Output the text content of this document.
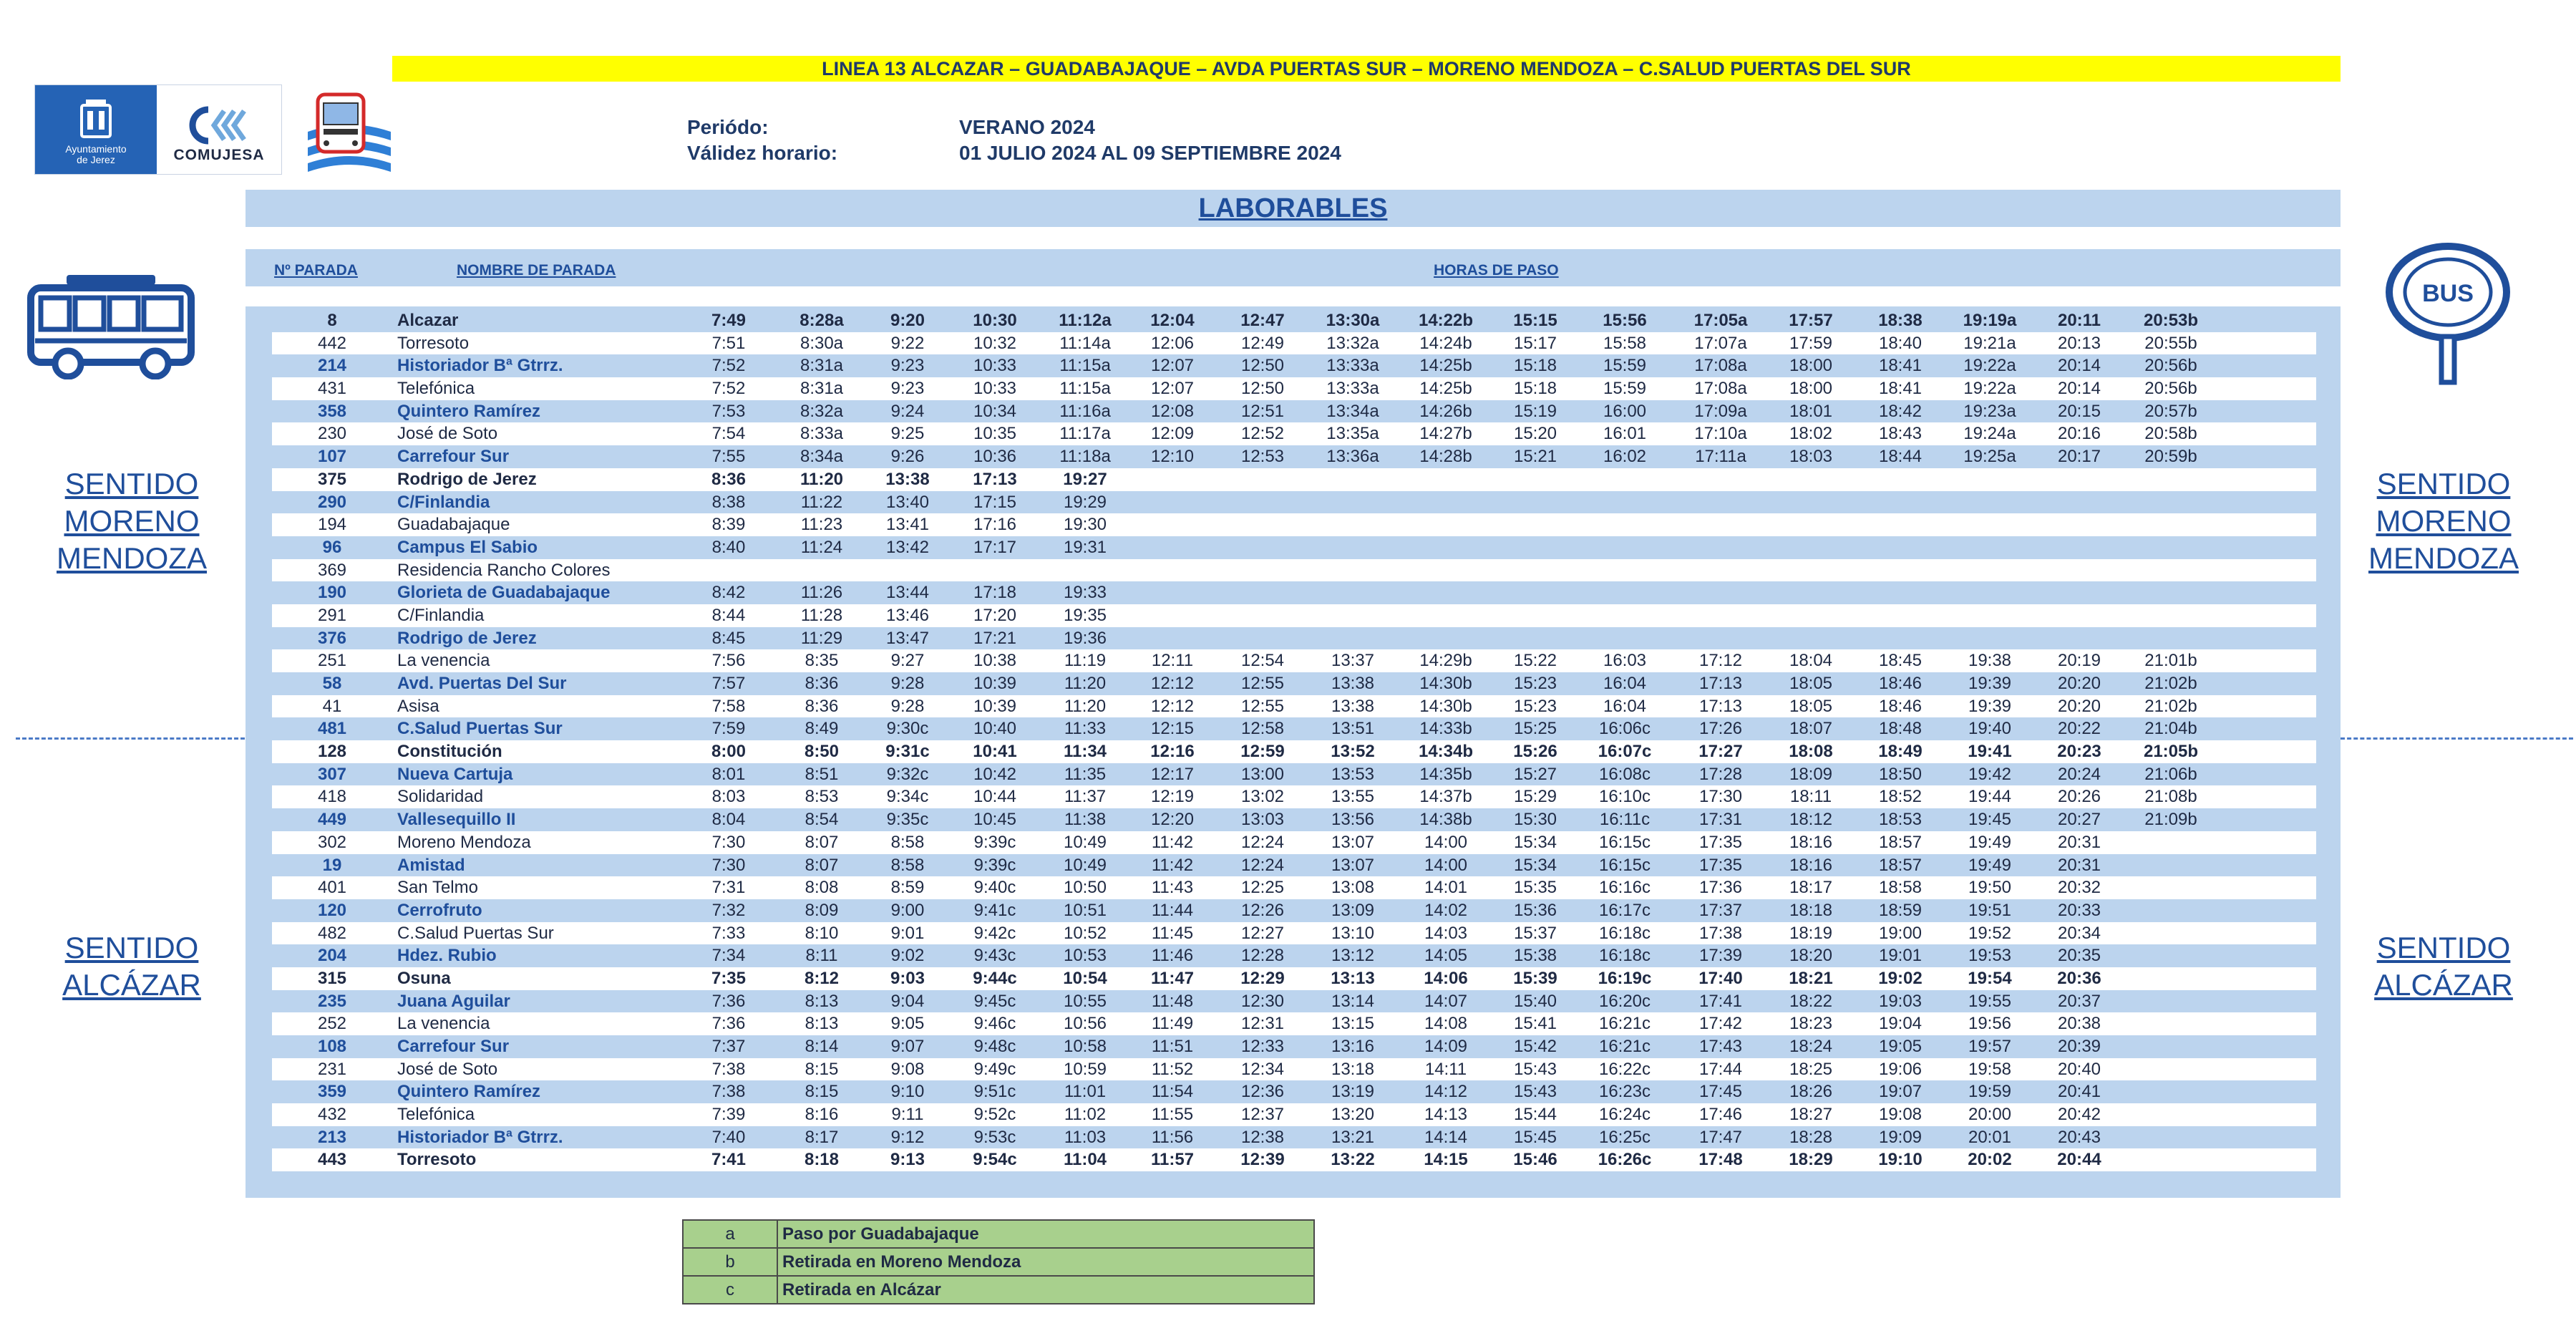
LINEA 13 ALCAZAR – GUADABAJAQUE – AVDA PUERTAS SUR – MORENO MENDOZA – C.SALUD PUERTAS DEL SUR
Ayuntamiento
de Jerez	COMUJESA
Periódo:	VERANO 2024
Válidez horario:	01 JULIO 2024 AL 09 SEPTIEMBRE 2024
LABORABLES
Nº PARADA	NOMBRE DE PARADA	HORAS DE PASO
BUS
SENTIDO
MORENO
MENDOZA
SENTIDO
MORENO
MENDOZA
SENTIDO
ALCÁZAR
SENTIDO
ALCÁZAR
8	Alcazar	7:49	8:28a	9:20	10:30	11:12a	12:04	12:47	13:30a	14:22b	15:15	15:56	17:05a	17:57	18:38	19:19a	20:11	20:53b
442	Torresoto	7:51	8:30a	9:22	10:32	11:14a	12:06	12:49	13:32a	14:24b	15:17	15:58	17:07a	17:59	18:40	19:21a	20:13	20:55b
214	Historiador Bª Gtrrz.	7:52	8:31a	9:23	10:33	11:15a	12:07	12:50	13:33a	14:25b	15:18	15:59	17:08a	18:00	18:41	19:22a	20:14	20:56b
431	Telefónica	7:52	8:31a	9:23	10:33	11:15a	12:07	12:50	13:33a	14:25b	15:18	15:59	17:08a	18:00	18:41	19:22a	20:14	20:56b
358	Quintero Ramírez	7:53	8:32a	9:24	10:34	11:16a	12:08	12:51	13:34a	14:26b	15:19	16:00	17:09a	18:01	18:42	19:23a	20:15	20:57b
230	José de Soto	7:54	8:33a	9:25	10:35	11:17a	12:09	12:52	13:35a	14:27b	15:20	16:01	17:10a	18:02	18:43	19:24a	20:16	20:58b
107	Carrefour Sur	7:55	8:34a	9:26	10:36	11:18a	12:10	12:53	13:36a	14:28b	15:21	16:02	17:11a	18:03	18:44	19:25a	20:17	20:59b
375	Rodrigo de Jerez	8:36	11:20	13:38	17:13	19:27
290	C/Finlandia	8:38	11:22	13:40	17:15	19:29
194	Guadabajaque	8:39	11:23	13:41	17:16	19:30
96	Campus El Sabio	8:40	11:24	13:42	17:17	19:31
369	Residencia Rancho Colores
190	Glorieta de Guadabajaque	8:42	11:26	13:44	17:18	19:33
291	C/Finlandia	8:44	11:28	13:46	17:20	19:35
376	Rodrigo de Jerez	8:45	11:29	13:47	17:21	19:36
251	La venencia	7:56	8:35	9:27	10:38	11:19	12:11	12:54	13:37	14:29b	15:22	16:03	17:12	18:04	18:45	19:38	20:19	21:01b
58	Avd. Puertas Del Sur	7:57	8:36	9:28	10:39	11:20	12:12	12:55	13:38	14:30b	15:23	16:04	17:13	18:05	18:46	19:39	20:20	21:02b
41	Asisa	7:58	8:36	9:28	10:39	11:20	12:12	12:55	13:38	14:30b	15:23	16:04	17:13	18:05	18:46	19:39	20:20	21:02b
481	C.Salud Puertas Sur	7:59	8:49	9:30c	10:40	11:33	12:15	12:58	13:51	14:33b	15:25	16:06c	17:26	18:07	18:48	19:40	20:22	21:04b
128	Constitución	8:00	8:50	9:31c	10:41	11:34	12:16	12:59	13:52	14:34b	15:26	16:07c	17:27	18:08	18:49	19:41	20:23	21:05b
307	Nueva Cartuja	8:01	8:51	9:32c	10:42	11:35	12:17	13:00	13:53	14:35b	15:27	16:08c	17:28	18:09	18:50	19:42	20:24	21:06b
418	Solidaridad	8:03	8:53	9:34c	10:44	11:37	12:19	13:02	13:55	14:37b	15:29	16:10c	17:30	18:11	18:52	19:44	20:26	21:08b
449	Vallesequillo II	8:04	8:54	9:35c	10:45	11:38	12:20	13:03	13:56	14:38b	15:30	16:11c	17:31	18:12	18:53	19:45	20:27	21:09b
302	Moreno Mendoza	7:30	8:07	8:58	9:39c	10:49	11:42	12:24	13:07	14:00	15:34	16:15c	17:35	18:16	18:57	19:49	20:31
19	Amistad	7:30	8:07	8:58	9:39c	10:49	11:42	12:24	13:07	14:00	15:34	16:15c	17:35	18:16	18:57	19:49	20:31
401	San Telmo	7:31	8:08	8:59	9:40c	10:50	11:43	12:25	13:08	14:01	15:35	16:16c	17:36	18:17	18:58	19:50	20:32
120	Cerrofruto	7:32	8:09	9:00	9:41c	10:51	11:44	12:26	13:09	14:02	15:36	16:17c	17:37	18:18	18:59	19:51	20:33
482	C.Salud Puertas Sur	7:33	8:10	9:01	9:42c	10:52	11:45	12:27	13:10	14:03	15:37	16:18c	17:38	18:19	19:00	19:52	20:34
204	Hdez. Rubio	7:34	8:11	9:02	9:43c	10:53	11:46	12:28	13:12	14:05	15:38	16:18c	17:39	18:20	19:01	19:53	20:35
315	Osuna	7:35	8:12	9:03	9:44c	10:54	11:47	12:29	13:13	14:06	15:39	16:19c	17:40	18:21	19:02	19:54	20:36
235	Juana Aguilar	7:36	8:13	9:04	9:45c	10:55	11:48	12:30	13:14	14:07	15:40	16:20c	17:41	18:22	19:03	19:55	20:37
252	La venencia	7:36	8:13	9:05	9:46c	10:56	11:49	12:31	13:15	14:08	15:41	16:21c	17:42	18:23	19:04	19:56	20:38
108	Carrefour Sur	7:37	8:14	9:07	9:48c	10:58	11:51	12:33	13:16	14:09	15:42	16:21c	17:43	18:24	19:05	19:57	20:39
231	José de Soto	7:38	8:15	9:08	9:49c	10:59	11:52	12:34	13:18	14:11	15:43	16:22c	17:44	18:25	19:06	19:58	20:40
359	Quintero Ramírez	7:38	8:15	9:10	9:51c	11:01	11:54	12:36	13:19	14:12	15:43	16:23c	17:45	18:26	19:07	19:59	20:41
432	Telefónica	7:39	8:16	9:11	9:52c	11:02	11:55	12:37	13:20	14:13	15:44	16:24c	17:46	18:27	19:08	20:00	20:42
213	Historiador Bª Gtrrz.	7:40	8:17	9:12	9:53c	11:03	11:56	12:38	13:21	14:14	15:45	16:25c	17:47	18:28	19:09	20:01	20:43
443	Torresoto	7:41	8:18	9:13	9:54c	11:04	11:57	12:39	13:22	14:15	15:46	16:26c	17:48	18:29	19:10	20:02	20:44
a	Paso por Guadabajaque
b	Retirada en Moreno Mendoza
c	Retirada en Alcázar
